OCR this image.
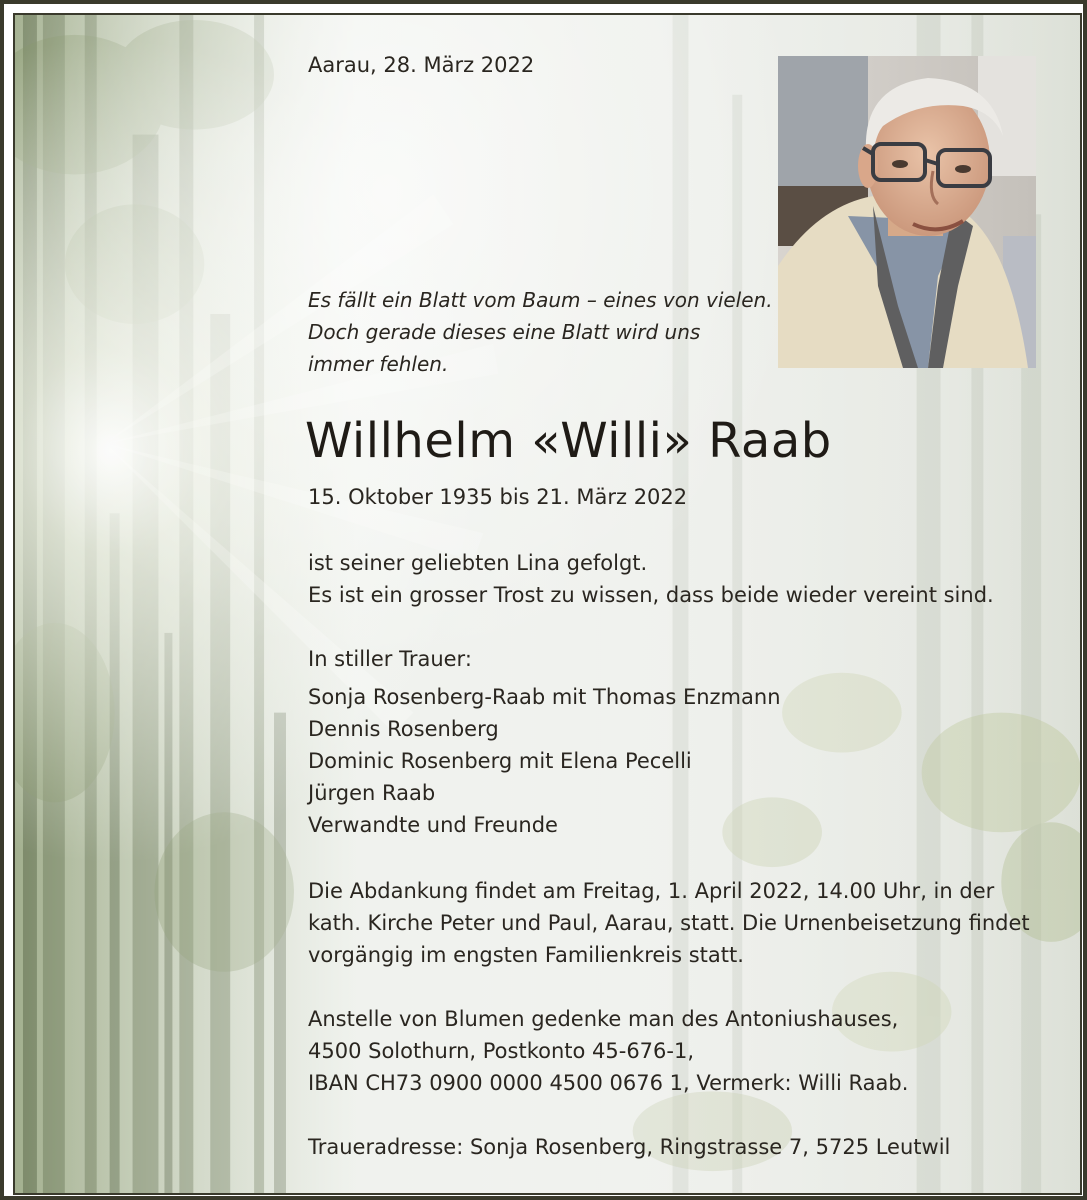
Aarau, 28. März 2022
Es fällt ein Blatt vom Baum – eines von vielen.
Doch gerade dieses eine Blatt wird uns
immer fehlen.
Willhelm «Willi» Raab
15. Oktober 1935 bis 21. März 2022
ist seiner geliebten Lina gefolgt.
Es ist ein grosser Trost zu wissen, dass beide wieder vereint sind.
In stiller Trauer:
Sonja Rosenberg-Raab mit Thomas Enzmann
Dennis Rosenberg
Dominic Rosenberg mit Elena Pecelli
Jürgen Raab
Verwandte und Freunde
Die Abdankung findet am Freitag, 1. April 2022, 14.00 Uhr, in der
kath. Kirche Peter und Paul, Aarau, statt. Die Urnenbeisetzung findet
vorgängig im engsten Familienkreis statt.
Anstelle von Blumen gedenke man des Antoniushauses,
4500 Solothurn, Postkonto 45-676-1,
IBAN CH73 0900 0000 4500 0676 1, Vermerk: Willi Raab.
Traueradresse: Sonja Rosenberg, Ringstrasse 7, 5725 Leutwil
